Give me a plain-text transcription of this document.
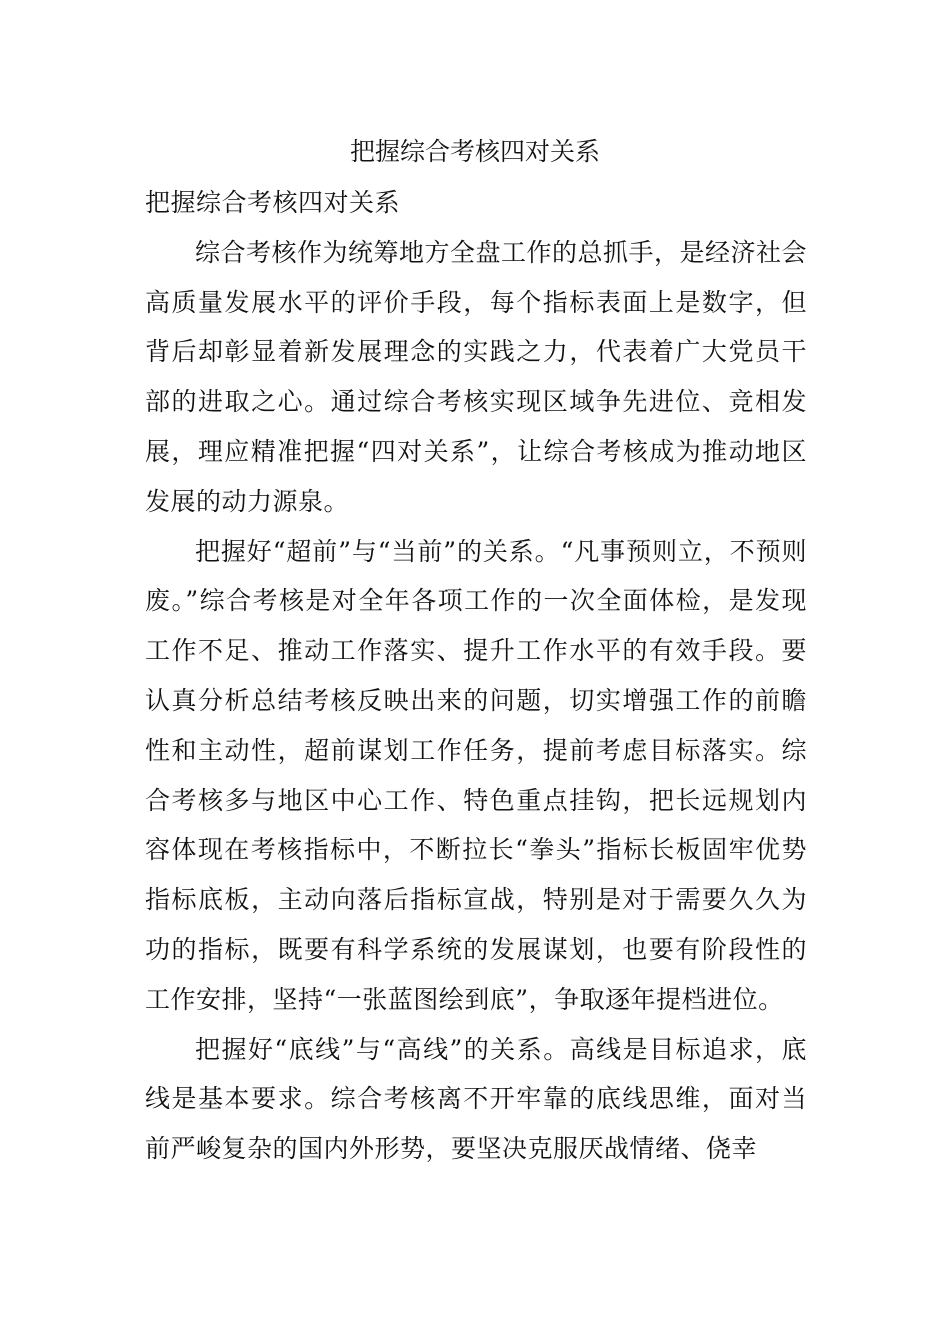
把握综合考核四对关系

把握综合考核四对关系

综合考核作为统筹地方全盘工作的总抓手，是经济社会高质量发展水平的评价手段，每个指标表面上是数字，但背后却彰显着新发展理念的实践之力，代表着广大党员干部的进取之心。通过综合考核实现区域争先进位、竞相发展，理应精准把握“四对关系”，让综合考核成为推动地区发展的动力源泉。

把握好“超前”与“当前”的关系。“凡事预则立，不预则废。”综合考核是对全年各项工作的一次全面体检，是发现工作不足、推动工作落实、提升工作水平的有效手段。要认真分析总结考核反映出来的问题，切实增强工作的前瞻性和主动性，超前谋划工作任务，提前考虑目标落实。综合考核多与地区中心工作、特色重点挂钩，把长远规划内容体现在考核指标中，不断拉长“拳头”指标长板固牢优势指标底板，主动向落后指标宣战，特别是对于需要久久为功的指标，既要有科学系统的发展谋划，也要有阶段性的工作安排，坚持“一张蓝图绘到底”，争取逐年提档进位。

把握好“底线”与“高线”的关系。高线是目标追求，底线是基本要求。综合考核离不开牢靠的底线思维，面对当前严峻复杂的国内外形势，要坚决克服厌战情绪、侥幸
